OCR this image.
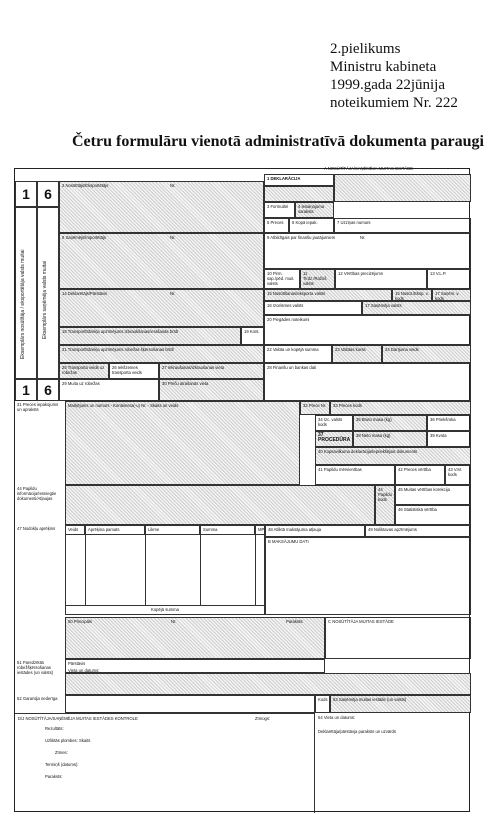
2.pielikums
Ministru kabineta
1999.gada 22jūnija
noteikumiem Nr. 222
Četru formulāru vienotā administratīvā dokumenta paraugi
A NOSŪTĪTĀJA/SAŅĒMĒJA MUITAS IESTĀDE
1	6
Eksemplārs nosūtītāja / eksportētāja valsts muitai	Eksemplārs saņēmēja valsts muitai
1	6
2 Nosūtītājs/Eksportētājs	Nr.
1 DEKLARĀCIJA
3 Formulāri	4 Iesaiņojuma saraksts
5 Preces	6 Kopā iepak.	7 Uzziņas numurs
8 Saņēmējs/Importētājs	Nr.	9 Atbildīgais par finanšu jautājumiem	Nr.
10 Pirm. sap./pēd. muit. valsts
11 Tirdz./Ražoš. valsts
12 Vērtības precizējums	13 V.L.P.
14 Deklarētājs/Pārstāvis	Nr.	15 Nosūtīšanas/eksporta valsts	15 Nosūt./Eksp. v. kods
17 Saņēm. v. kods
16 Izcelsmes valsts	17 Saņēmēja valsts
18 Transportlīdzekļa apzīmējums izbraukšanas/ierašanās brīdī	19 Kont.
20 Piegādes noteikumi
21 Transportlīdzekļa apzīmējums robežas šķērsošanas brīdī	22 Valūta un kopējā summa	23 Valūtas kurss	24 Darījuma veids
25 Transporta veids uz robežas
26 Iekšzemes transporta veids
27 Iekraušanas/izkraušanas vieta	28 Finanšu un bankas dati
29 Muita uz robežas	30 Preču atrašanās vieta
31 Preces iepakojums un apraksts
Marķējums un numurs - Konteinera(-u) Nr. - Skaits un veids	32 Prece Nr.	33 Preces kods
34 Izc. valsts kods
35 Bruto masa (kg)	36 Priekšroka
37 PROCEDŪRA
38 Neto masa (kg)	39 Kvota
40 Kopsavilkuma deklarācija/Iepriekšējais dokuments
41 Papildu mērvienības	42 Preces vērtība	43 V.M. kods
44 Papildu informācija/Iesniegtie dokumenti/Atļaujas
44 Papildu kods
45 Muitas vērtības korekcija
46 Statistiskā vērtība
47 Nodokļu aprēķins	Veids	Aprēķina pamats	Likme	Summa	MP
Kopējā summa
48 Atliktā maksājuma atļauja	49 Noliktavas apzīmējums
B MAKSĀJUMU DATI
50 Principāls	Nr.	Paraksts:	C NOSŪTĪTĀJA MUITAS IESTĀDE
Pārstāvis
Vieta un datums:
51 Paredzētās robežšķērsošanas iestādes (un valsts)
52 Garantija nederīga	Kods	53 Saņēmēja muitas iestāde (un valsts)
D/J NOSŪTĪTĀJA/SAŅĒMĒJA MUITAS IESTĀDES KONTROLE	Zīmogs:
Rezultāts:
Uzliktās plombes: Skaits
Zīmes:
Termiņš (datums):
Paraksts:
54 Vieta un datums:
Deklarētāja/pārstāvja paraksts un uzvārds
